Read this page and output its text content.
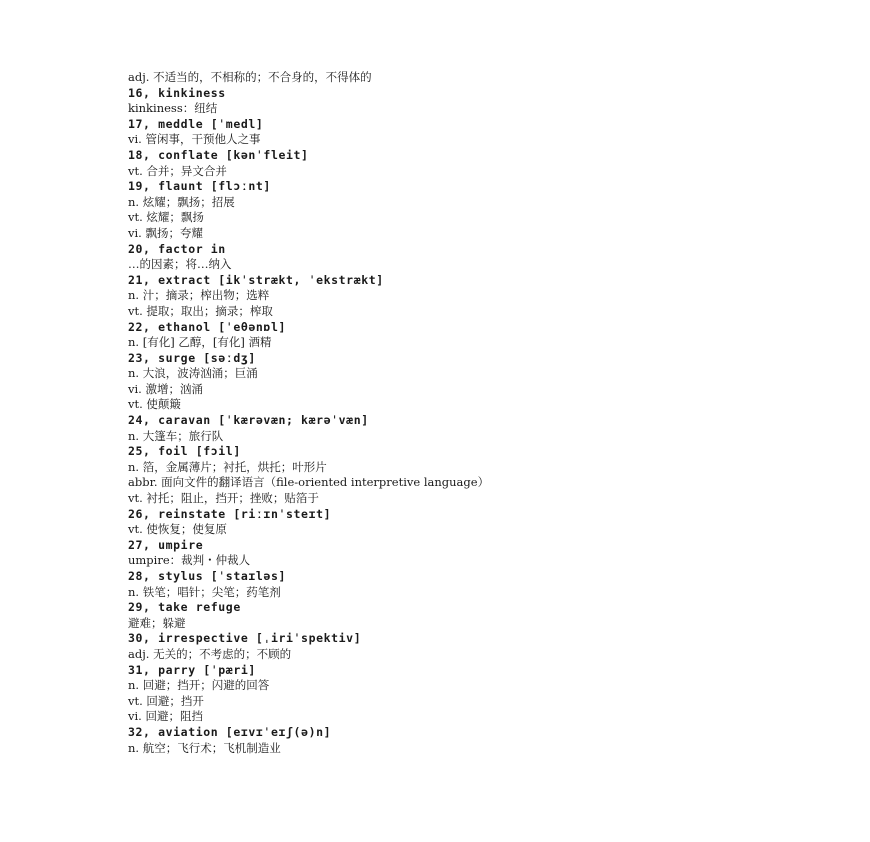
adj. 不适当的，不相称的；不合身的，不得体的
16, kinkiness
kinkiness：纽结
17, meddle [ˈmedl]
vi. 管闲事，干预他人之事
18, conflate [kənˈfleit]
vt. 合并；异文合并
19, flaunt [flɔːnt]
n. 炫耀；飘扬；招展
vt. 炫耀；飘扬
vi. 飘扬；夸耀
20, factor in
…的因素；将…纳入
21, extract [ikˈstrækt, ˈekstrækt]
n. 汁；摘录；榨出物；选粹
vt. 提取；取出；摘录；榨取
22, ethanol [ˈeθənɒl]
n. [有化] 乙醇，[有化] 酒精
23, surge [səːdʒ]
n. 大浪，波涛汹涌；巨涌
vi. 激增；汹涌
vt. 使颠簸
24, caravan [ˈkærəvæn; kærəˈvæn]
n. 大篷车；旅行队
25, foil [fɔil]
n. 箔，金属薄片；衬托，烘托；叶形片
abbr. 面向文件的翻译语言（file-oriented interpretive language）
vt. 衬托；阻止，挡开；挫败；贴箔于
26, reinstate [riːɪnˈsteɪt]
vt. 使恢复；使复原
27, umpire
umpire：裁判・仲裁人
28, stylus [ˈstaɪləs]
n. 铁笔；唱针；尖笔；药笔剂
29, take refuge
避难；躲避
30, irrespective [ˌiriˈspektiv]
adj. 无关的；不考虑的；不顾的
31, parry [ˈpæri]
n. 回避；挡开；闪避的回答
vt. 回避；挡开
vi. 回避；阻挡
32, aviation [eɪvɪˈeɪʃ(ə)n]
n. 航空；飞行术；飞机制造业
